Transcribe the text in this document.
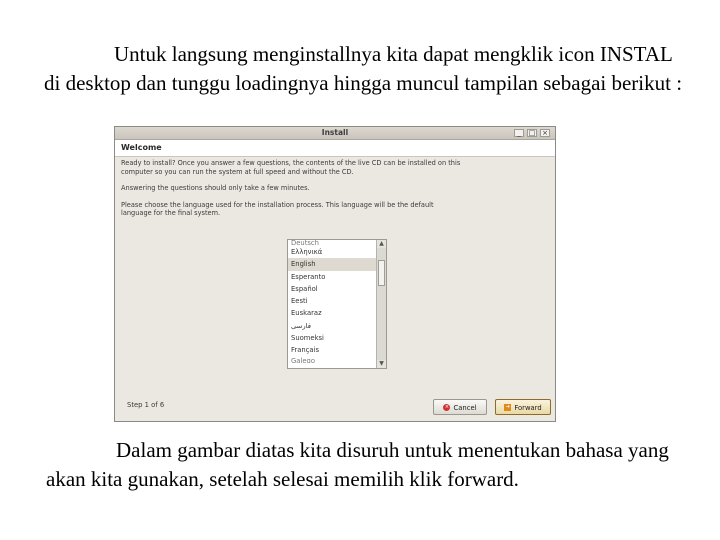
Untuk langsung menginstallnya kita dapat mengklik icon INSTAL di desktop dan tunggu loadingnya hingga muncul tampilan sebagai berikut :

Install	_	□ ×
Welcome

Ready to install? Once you answer a few questions, the contents of the live CD can be installed on this computer so you can run the system at full speed and without the CD.

Answering the questions should only take a few minutes.

Please choose the language used for the installation process. This language will be the default language for the final system.

Deutsch
Ελληνικά
English
Esperanto
Español
Eesti
Euskaraz
فارسی
Suomeksi
Français
Galego
▲
▼
Step 1 of 6	× Cancel	➜ Forward

Dalam gambar diatas kita disuruh untuk menentukan bahasa yang akan kita gunakan, setelah selesai memilih klik forward.
